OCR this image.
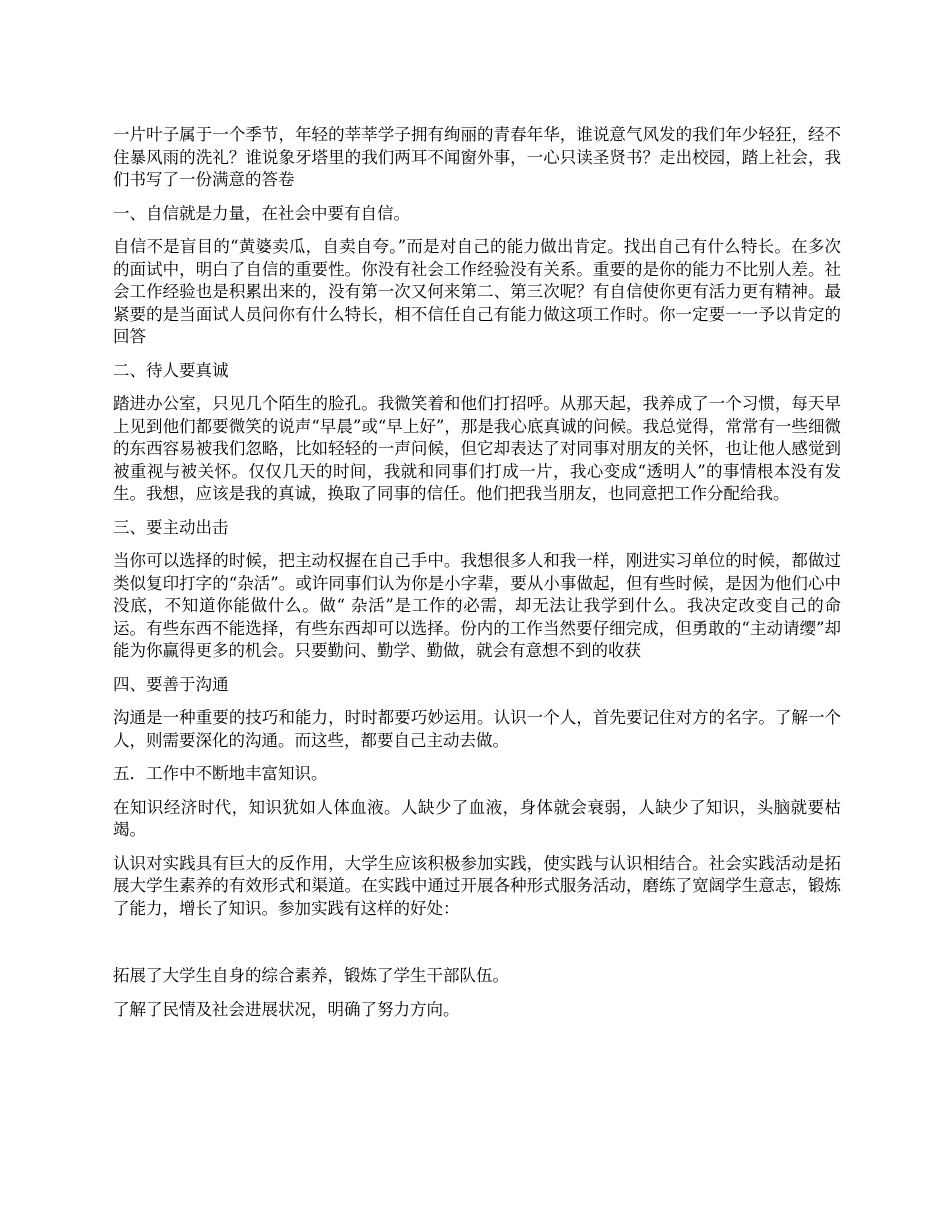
一片叶子属于一个季节，年轻的莘莘学子拥有绚丽的青春年华，谁说意气风发的我们年少轻狂，经不住暴风雨的洗礼？谁说象牙塔里的我们两耳不闻窗外事，一心只读圣贤书？走出校园，踏上社会，我们书写了一份满意的答卷

一、自信就是力量，在社会中要有自信。

自信不是盲目的“黄婆卖瓜，自卖自夸。”而是对自己的能力做出肯定。找出自己有什么特长。在多次的面试中，明白了自信的重要性。你没有社会工作经验没有关系。重要的是你的能力不比别人差。社会工作经验也是积累出来的，没有第一次又何来第二、第三次呢？有自信使你更有活力更有精神。最紧要的是当面试人员问你有什么特长，相不信任自己有能力做这项工作时。你一定要一一予以肯定的回答

二、待人要真诚

踏进办公室，只见几个陌生的脸孔。我微笑着和他们打招呼。从那天起，我养成了一个习惯，每天早上见到他们都要微笑的说声“早晨”或“早上好”，那是我心底真诚的问候。我总觉得，常常有一些细微的东西容易被我们忽略，比如轻轻的一声问候，但它却表达了对同事对朋友的关怀，也让他人感觉到被重视与被关怀。仅仅几天的时间，我就和同事们打成一片，我心变成“透明人”的事情根本没有发生。我想，应该是我的真诚，换取了同事的信任。他们把我当朋友，也同意把工作分配给我。

三、要主动出击

当你可以选择的时候，把主动权握在自己手中。我想很多人和我一样，刚进实习单位的时候，都做过类似复印打字的“杂活”。或许同事们认为你是小字辈，要从小事做起，但有些时候，是因为他们心中没底，不知道你能做什么。做“ 杂活”是工作的必需，却无法让我学到什么。我决定改变自己的命运。有些东西不能选择，有些东西却可以选择。份内的工作当然要仔细完成，但勇敢的“主动请缨”却能为你赢得更多的机会。只要勤问、勤学、勤做，就会有意想不到的收获

四、要善于沟通

沟通是一种重要的技巧和能力，时时都要巧妙运用。认识一个人，首先要记住对方的名字。了解一个人，则需要深化的沟通。而这些，都要自己主动去做。

五．工作中不断地丰富知识。

在知识经济时代，知识犹如人体血液。人缺少了血液，身体就会衰弱，人缺少了知识，头脑就要枯竭。

认识对实践具有巨大的反作用，大学生应该积极参加实践，使实践与认识相结合。社会实践活动是拓展大学生素养的有效形式和渠道。在实践中通过开展各种形式服务活动，磨练了宽阔学生意志，锻炼了能力，增长了知识。参加实践有这样的好处：

拓展了大学生自身的综合素养，锻炼了学生干部队伍。

了解了民情及社会进展状况，明确了努力方向。
